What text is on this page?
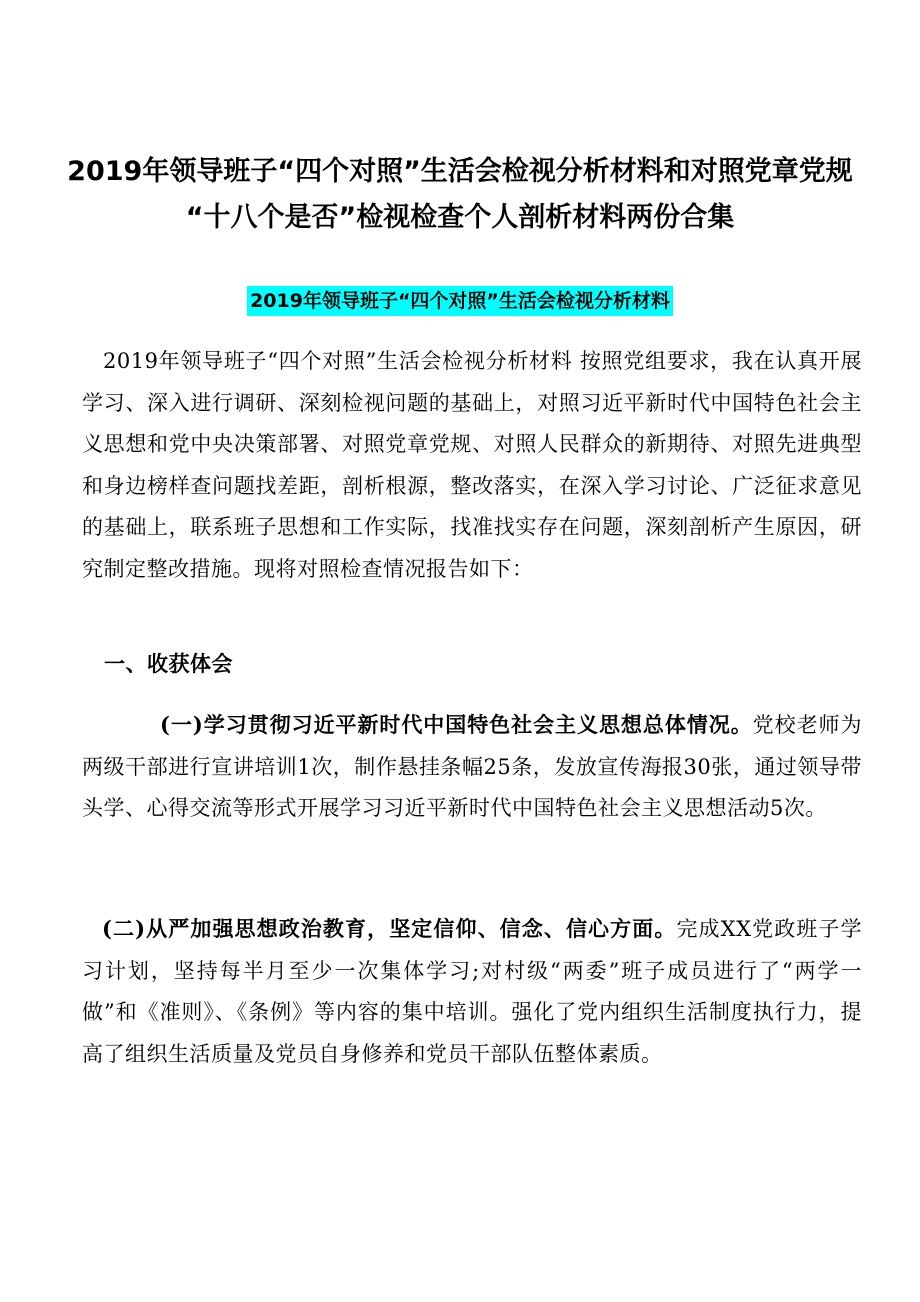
2019年领导班子“四个对照”生活会检视分析材料和对照党章党规
“十八个是否”检视检查个人剖析材料两份合集
2019年领导班子“四个对照”生活会检视分析材料

2019年领导班子“四个对照”生活会检视分析材料 按照党组要求，我在认真开展学习、深入进行调研、深刻检视问题的基础上，对照习近平新时代中国特色社会主义思想和党中央决策部署、对照党章党规、对照人民群众的新期待、对照先进典型和身边榜样查问题找差距，剖析根源，整改落实，在深入学习讨论、广泛征求意见的基础上，联系班子思想和工作实际，找准找实存在问题，深刻剖析产生原因，研究制定整改措施。现将对照检查情况报告如下：

一、收获体会

(一)学习贯彻习近平新时代中国特色社会主义思想总体情况。党校老师为两级干部进行宣讲培训1次，制作悬挂条幅25条，发放宣传海报30张，通过领导带头学、心得交流等形式开展学习习近平新时代中国特色社会主义思想活动5次。

(二)从严加强思想政治教育，坚定信仰、信念、信心方面。完成XX党政班子学习计划，坚持每半月至少一次集体学习;对村级“两委”班子成员进行了“两学一做”和《准则》、《条例》等内容的集中培训。强化了党内组织生活制度执行力，提高了组织生活质量及党员自身修养和党员干部队伍整体素质。
